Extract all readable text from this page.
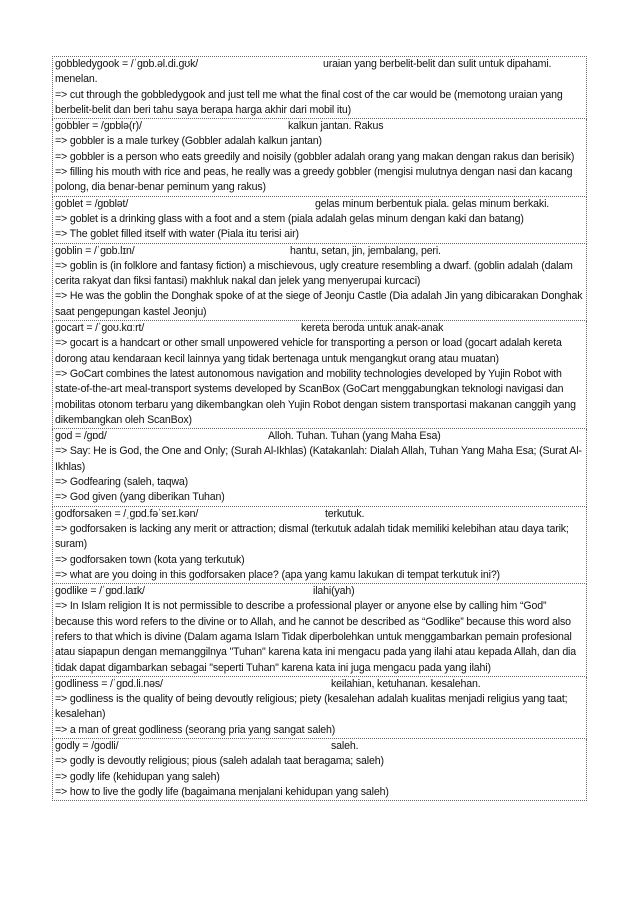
gobbledygook = /ˈɡɒb.əl.di.ɡʊk/	uraian yang berbelit-belit dan sulit untuk dipahami.

menelan.

=> cut through the gobbledygook and just tell me what the final cost of the car would be (memotong uraian yang berbelit-belit dan beri tahu saya berapa harga akhir dari mobil itu)

gobbler = /ɡɒblə(r)/	kalkun jantan. Rakus

=> gobbler is a male turkey (Gobbler adalah kalkun jantan)

=> gobbler is a person who eats greedily and noisily (gobbler adalah orang yang makan dengan rakus dan berisik)

=> filling his mouth with rice and peas, he really was a greedy gobbler (mengisi mulutnya dengan nasi dan kacang polong, dia benar-benar peminum yang rakus)

goblet = /ɡɒblət/	gelas minum berbentuk piala. gelas minum berkaki.

=> goblet is a drinking glass with a foot and a stem (piala adalah gelas minum dengan kaki dan batang)

=> The goblet filled itself with water (Piala itu terisi air)

goblin = /ˈɡɒb.lɪn/	hantu, setan, jin, jembalang, peri.

=> goblin is (in folklore and fantasy fiction) a mischievous, ugly creature resembling a dwarf. (goblin adalah (dalam cerita rakyat dan fiksi fantasi) makhluk nakal dan jelek yang menyerupai kurcaci)

=> He was the goblin the Donghak spoke of at the siege of Jeonju Castle (Dia adalah Jin yang dibicarakan Donghak saat pengepungan kastel Jeonju)

gocart = /ˈɡoʊ.kɑːrt/	kereta beroda untuk anak-anak

=> gocart is a handcart or other small unpowered vehicle for transporting a person or load (gocart adalah kereta dorong atau kendaraan kecil lainnya yang tidak bertenaga untuk mengangkut orang atau muatan)

=> GoCart combines the latest autonomous navigation and mobility technologies developed by Yujin Robot with state-of-the-art meal-transport systems developed by ScanBox (GoCart menggabungkan teknologi navigasi dan mobilitas otonom terbaru yang dikembangkan oleh Yujin Robot dengan sistem transportasi makanan canggih yang dikembangkan oleh ScanBox)

god = /ɡɒd/	Alloh. Tuhan. Tuhan (yang Maha Esa)

=> Say: He is God, the One and Only; (Surah Al-Ikhlas) (Katakanlah: Dialah Allah, Tuhan Yang Maha Esa; (Surat Al-Ikhlas)

=> Godfearing (saleh, taqwa)

=> God given (yang diberikan Tuhan)

godforsaken = /ˌɡɒd.fəˈseɪ.kən/	terkutuk.

=> godforsaken is lacking any merit or attraction; dismal (terkutuk adalah tidak memiliki kelebihan atau daya tarik; suram)

=> godforsaken town (kota yang terkutuk)

=> what are you doing in this godforsaken place? (apa yang kamu lakukan di tempat terkutuk ini?)

godlike = /ˈɡɒd.laɪk/	ilahi(yah)

=> In Islam religion It is not permissible to describe a professional player or anyone else by calling him “God” because this word refers to the divine or to Allah, and he cannot be described as “Godlike” because this word also refers to that which is divine (Dalam agama Islam Tidak diperbolehkan untuk menggambarkan pemain profesional atau siapapun dengan memanggilnya "Tuhan" karena kata ini mengacu pada yang ilahi atau kepada Allah, dan dia tidak dapat digambarkan sebagai "seperti Tuhan" karena kata ini juga mengacu pada yang ilahi)

godliness = /ˈɡɒd.li.nəs/	keilahian, ketuhanan. kesalehan.

=> godliness is the quality of being devoutly religious; piety (kesalehan adalah kualitas menjadi religius yang taat; kesalehan)

=> a man of great godliness (seorang pria yang sangat saleh)

godly = /ɡodli/	saleh.

=> godly is devoutly religious; pious (saleh adalah taat beragama; saleh)

=> godly life (kehidupan yang saleh)

=> how to live the godly life (bagaimana menjalani kehidupan yang saleh)
